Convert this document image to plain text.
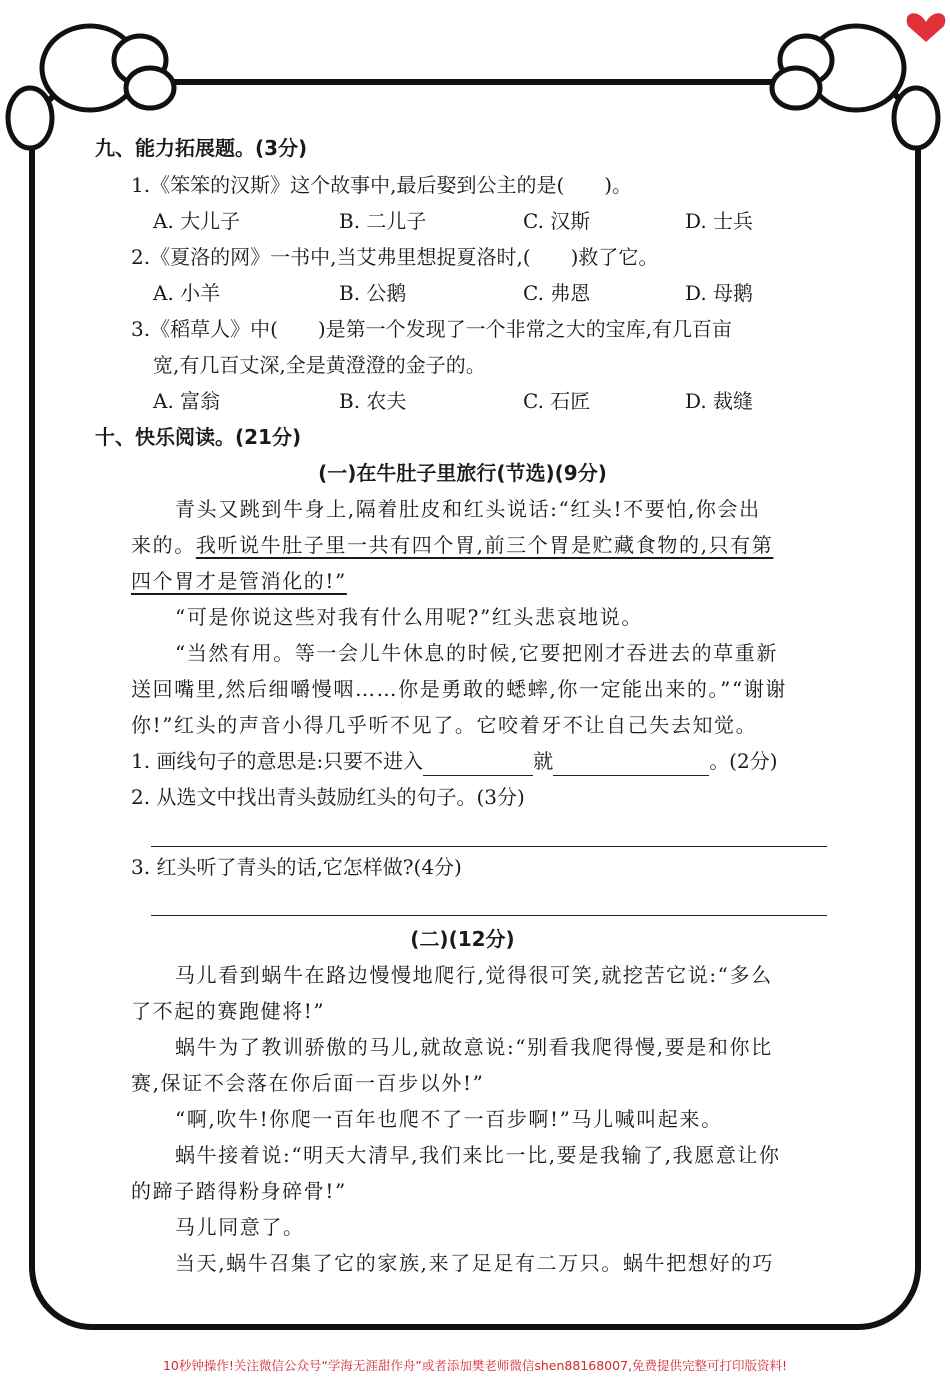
九、能力拓展题。(3分)
1.《笨笨的汉斯》这个故事中,最后娶到公主的是(　　)。
A. 大儿子	B. 二儿子	C. 汉斯	D. 士兵
2.《夏洛的网》一书中,当艾弗里想捉夏洛时,(　　)救了它。
A. 小羊	B. 公鹅	C. 弗恩	D. 母鹅
3.《稻草人》中(　　)是第一个发现了一个非常之大的宝库,有几百亩
宽,有几百丈深,全是黄澄澄的金子的。
A. 富翁	B. 农夫	C. 石匠	D. 裁缝
十、快乐阅读。(21分)
(一)在牛肚子里旅行(节选)(9分)
青头又跳到牛身上,隔着肚皮和红头说话:“红头!不要怕,你会出
来的。我听说牛肚子里一共有四个胃,前三个胃是贮藏食物的,只有第
四个胃才是管消化的!”
“可是你说这些对我有什么用呢?”红头悲哀地说。
“当然有用。等一会儿牛休息的时候,它要把刚才吞进去的草重新
送回嘴里,然后细嚼慢咽……你是勇敢的蟋蟀,你一定能出来的。”“谢谢
你!”红头的声音小得几乎听不见了。它咬着牙不让自己失去知觉。
1. 画线句子的意思是:只要不进入	就	。(2分)
2. 从选文中找出青头鼓励红头的句子。(3分)
3. 红头听了青头的话,它怎样做?(4分)
(二)(12分)
马儿看到蜗牛在路边慢慢地爬行,觉得很可笑,就挖苦它说:“多么
了不起的赛跑健将!”
蜗牛为了教训骄傲的马儿,就故意说:“别看我爬得慢,要是和你比
赛,保证不会落在你后面一百步以外!”
“啊,吹牛!你爬一百年也爬不了一百步啊!”马儿喊叫起来。
蜗牛接着说:“明天大清早,我们来比一比,要是我输了,我愿意让你
的蹄子踏得粉身碎骨!”
马儿同意了。
当天,蜗牛召集了它的家族,来了足足有二万只。蜗牛把想好的巧
10秒钟操作!关注微信公众号“学海无涯甜作舟”或者添加樊老师微信shen88168007,免费提供完整可打印版资料!
